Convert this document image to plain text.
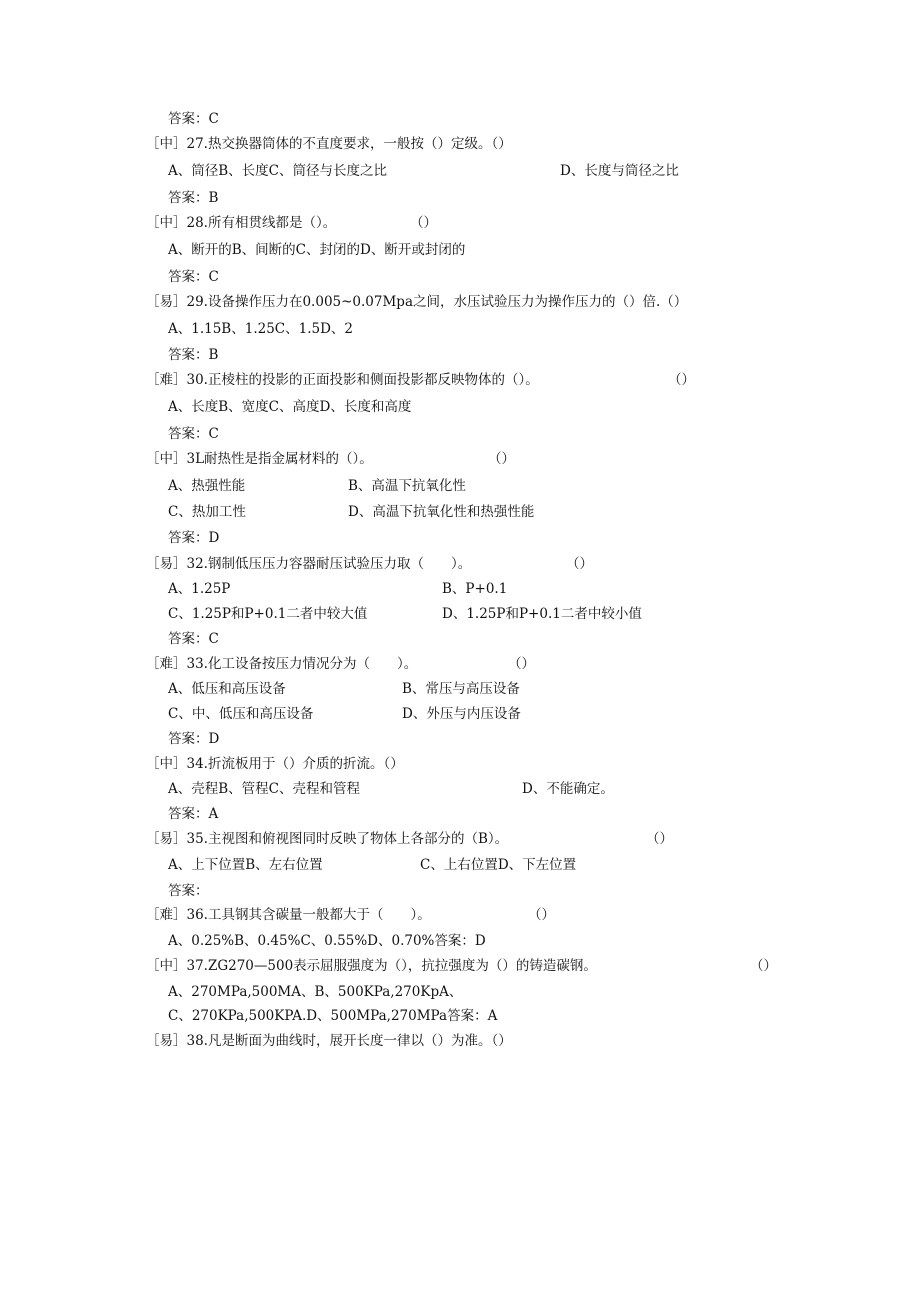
答案：C
［中］27.热交换器筒体的不直度要求，一般按（）定级。（）
A、筒径B、长度C、筒径与长度之比	D、长度与筒径之比
答案：B
［中］28.所有相贯线都是（）。	（）
A、断开的B、间断的C、封闭的D、断开或封闭的
答案：C
［易］29.设备操作压力在0.005~0.07Mpa之间，水压试验压力为操作压力的（）倍.（）
A、1.15B、1.25C、1.5D、2
答案：B
［难］30.正棱柱的投影的正面投影和侧面投影都反映物体的（）。	（）
A、长度B、宽度C、高度D、长度和高度
答案：C
［中］3L耐热性是指金属材料的（）。	（）
A、热强性能	B、高温下抗氧化性
C、热加工性	D、高温下抗氧化性和热强性能
答案：D
［易］32.钢制低压压力容器耐压试验压力取（　　）。	（）
A、1.25P	B、P+0.1
C、1.25P和P+0.1二者中较大值	D、1.25P和P+0.1二者中较小值
答案：C
［难］33.化工设备按压力情况分为（　　）。	（）
A、低压和高压设备	B、常压与高压设备
C、中、低压和高压设备	D、外压与内压设备
答案：D
［中］34.折流板用于（）介质的折流。（）
A、壳程B、管程C、壳程和管程	D、不能确定。
答案：A
［易］35.主视图和俯视图同时反映了物体上各部分的（B）。	（）
A、上下位置B、左右位置	C、上右位置D、下左位置
答案：
［难］36.工具钢其含碳量一般都大于（　　）。	（）
A、0.25%B、0.45%C、0.55%D、0.70%答案：D
［中］37.ZG270—500表示屈服强度为（），抗拉强度为（）的铸造碳钢。	（）
A、270MPa,500MA、B、500KPa,270KpA、
C、270KPa,500KPA.D、500MPa,270MPa答案：A
［易］38.凡是断面为曲线时，展开长度一律以（）为准。（）
